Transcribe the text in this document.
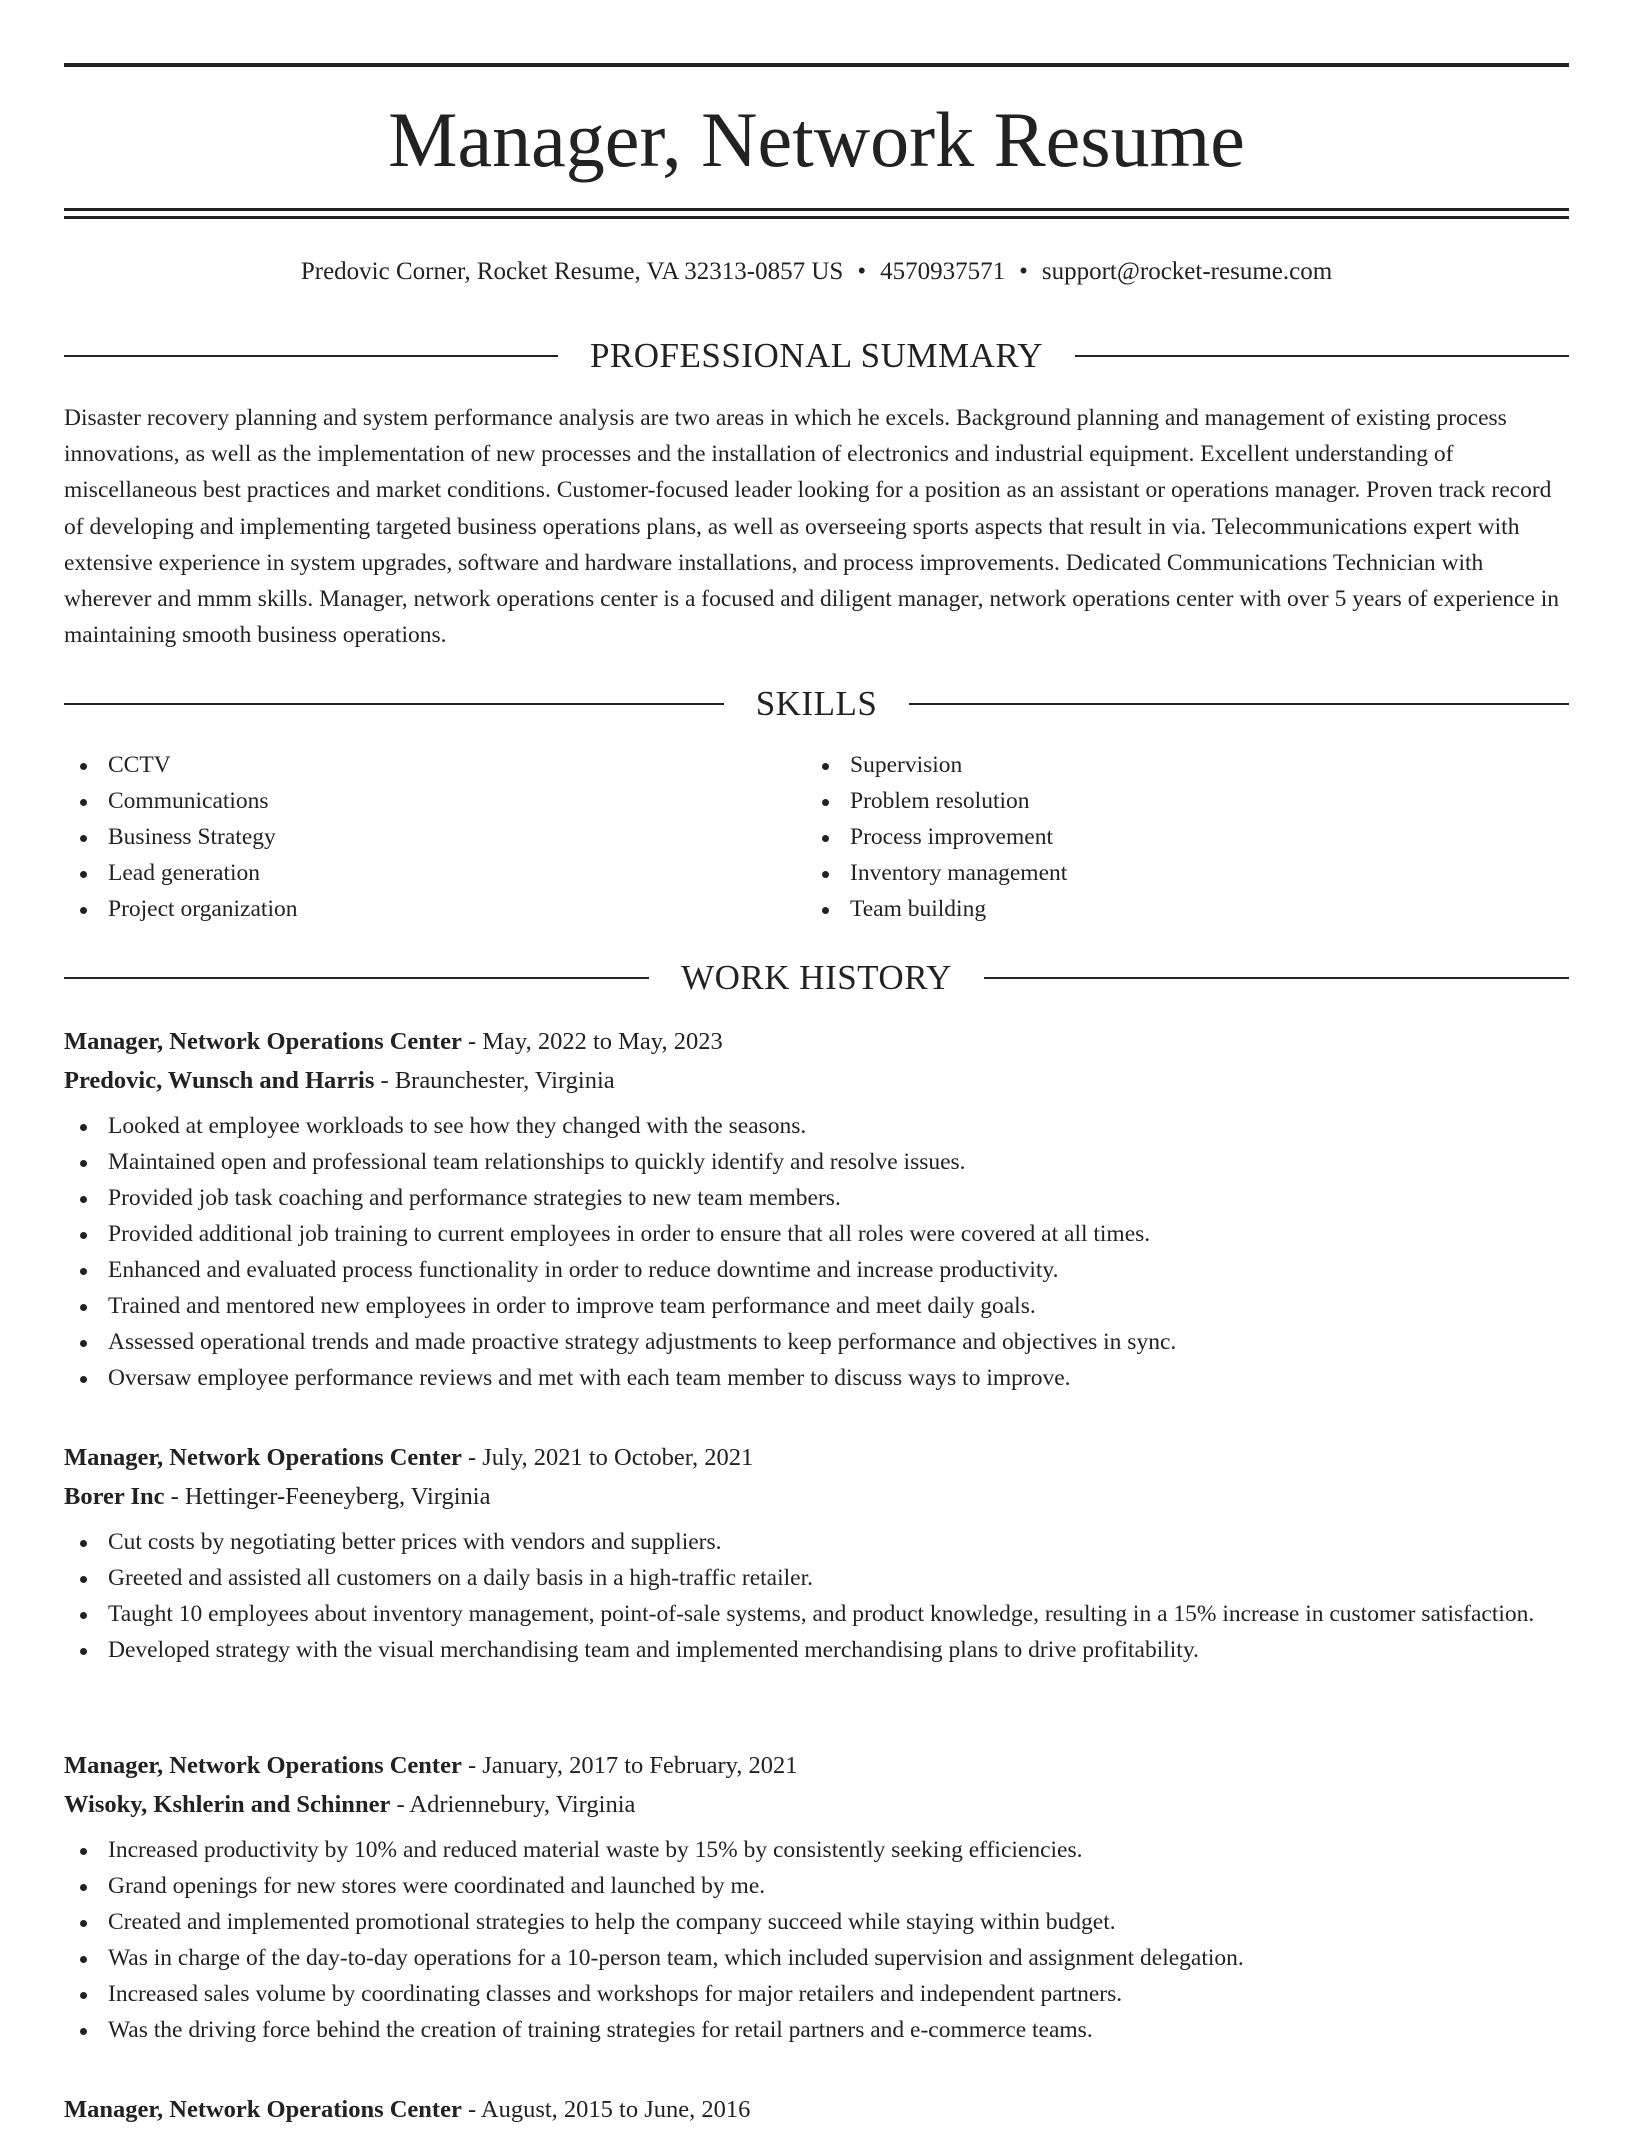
Manager, Network Resume
Predovic Corner, Rocket Resume, VA 32313-0857 US • 4570937571 • support@rocket-resume.com
PROFESSIONAL SUMMARY

Disaster recovery planning and system performance analysis are two areas in which he excels. Background planning and management of existing process innovations, as well as the implementation of new processes and the installation of electronics and industrial equipment. Excellent understanding of miscellaneous best practices and market conditions. Customer-focused leader looking for a position as an assistant or operations manager. Proven track record of developing and implementing targeted business operations plans, as well as overseeing sports aspects that result in via. Telecommunications expert with extensive experience in system upgrades, software and hardware installations, and process improvements. Dedicated Communications Technician with wherever and mmm skills. Manager, network operations center is a focused and diligent manager, network operations center with over 5 years of experience in maintaining smooth business operations.

SKILLS
CCTV
Communications
Business Strategy
Lead generation
Project organization
Supervision
Problem resolution
Process improvement
Inventory management
Team building
WORK HISTORY
Manager, Network Operations Center - May, 2022 to May, 2023
Predovic, Wunsch and Harris - Braunchester, Virginia
Looked at employee workloads to see how they changed with the seasons.
Maintained open and professional team relationships to quickly identify and resolve issues.
Provided job task coaching and performance strategies to new team members.
Provided additional job training to current employees in order to ensure that all roles were covered at all times.
Enhanced and evaluated process functionality in order to reduce downtime and increase productivity.
Trained and mentored new employees in order to improve team performance and meet daily goals.
Assessed operational trends and made proactive strategy adjustments to keep performance and objectives in sync.
Oversaw employee performance reviews and met with each team member to discuss ways to improve.
Manager, Network Operations Center - July, 2021 to October, 2021
Borer Inc - Hettinger-Feeneyberg, Virginia
Cut costs by negotiating better prices with vendors and suppliers.
Greeted and assisted all customers on a daily basis in a high-traffic retailer.
Taught 10 employees about inventory management, point-of-sale systems, and product knowledge, resulting in a 15% increase in customer satisfaction.
Developed strategy with the visual merchandising team and implemented merchandising plans to drive profitability.
Manager, Network Operations Center - January, 2017 to February, 2021
Wisoky, Kshlerin and Schinner - Adriennebury, Virginia
Increased productivity by 10% and reduced material waste by 15% by consistently seeking efficiencies.
Grand openings for new stores were coordinated and launched by me.
Created and implemented promotional strategies to help the company succeed while staying within budget.
Was in charge of the day-to-day operations for a 10-person team, which included supervision and assignment delegation.
Increased sales volume by coordinating classes and workshops for major retailers and independent partners.
Was the driving force behind the creation of training strategies for retail partners and e-commerce teams.
Manager, Network Operations Center - August, 2015 to June, 2016
